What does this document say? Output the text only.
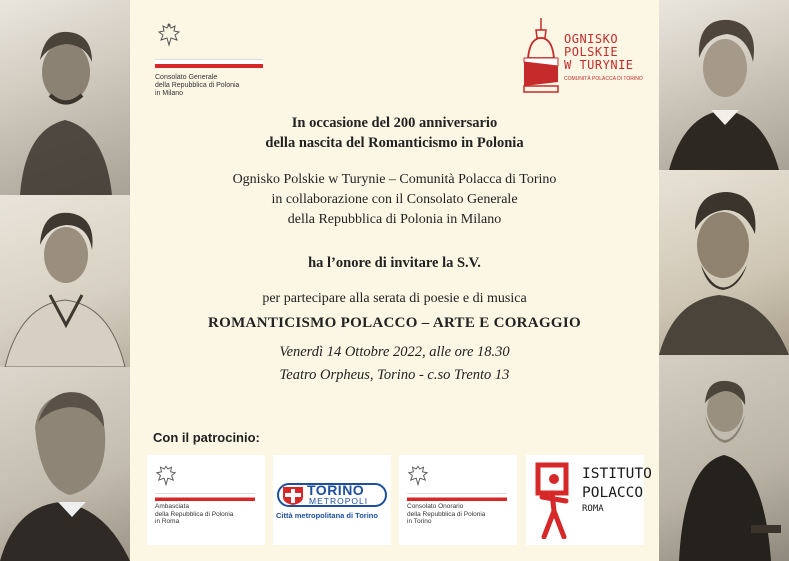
Consolato Generale
della Repubblica di Polonia
in Milano
OGNISKO
POLSKIE
W TURYNIE
COMUNITÀ POLACCA DI TORINO
In occasione del 200 anniversario
della nascita del Romanticismo in Polonia
Ognisko Polskie w Turynie – Comunità Polacca di Torino
in collaborazione con il Consolato Generale
della Repubblica di Polonia in Milano
ha l’onore di invitare la S.V.
per partecipare alla serata di poesie e di musica
ROMANTICISMO POLACCO – ARTE E CORAGGIO
Venerdì 14 Ottobre 2022, alle ore 18.30
Teatro Orpheus, Torino - c.so Trento 13
Con il patrocinio:
Ambasciata
della Repubblica di Polonia
in Roma
TORINO
METROPOLI
Città metropolitana di Torino
Consolato Onorario
della Repubblica di Polonia
in Torino
ISTITUTO
POLACCO
ROMA
